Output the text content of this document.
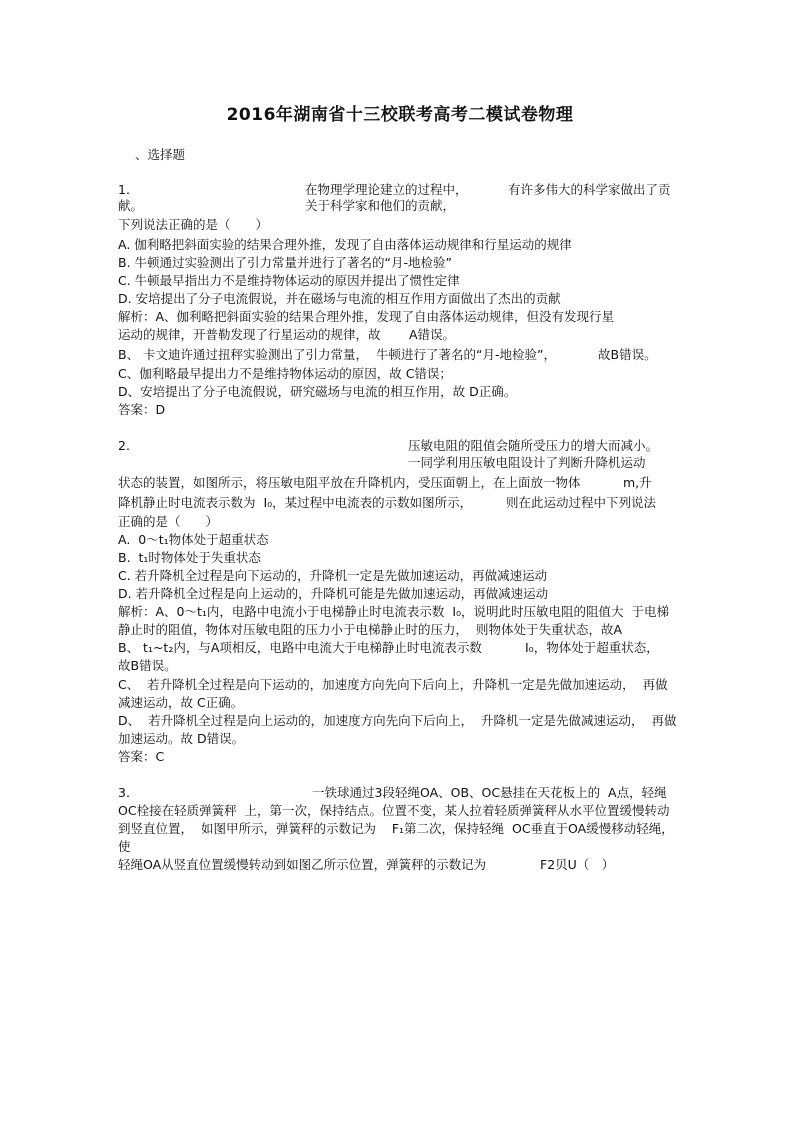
2016年湖南省十三校联考高考二模试卷物理
、选择题
1.	在物理学理论建立的过程中，	有许多伟大的科学家做出了贡
献。	关于科学家和他们的贡献，
下列说法正确的是（　　）
A. 伽利略把斜面实验的结果合理外推，发现了自由落体运动规律和行星运动的规律
B. 牛顿通过实验测出了引力常量并进行了著名的“月-地检验”
C. 牛顿最早指出力不是维持物体运动的原因并提出了惯性定律
D. 安培提出了分子电流假说，并在磁场与电流的相互作用方面做出了杰出的贡献
解析：A、伽利略把斜面实验的结果合理外推，发现了自由落体运动规律，但没有发现行星
运动的规律，开普勒发现了行星运动的规律，故 A错误。
B、 卡文迪许通过扭秤实验测出了引力常量， 牛顿进行了著名的“月-地检验”，	故B错误。
C、伽利略最早提出力不是维持物体运动的原因，故 C错误；
D、安培提出了分子电流假说，研究磁场与电流的相互作用，故 D正确。
答案：D
2.	压敏电阻的阻值会随所受压力的增大而减小。
一同学利用压敏电阻设计了判断升降机运动
状态的装置，如图所示，将压敏电阻平放在升降机内，受压面朝上，在上面放一物体	m,升
降机静止时电流表示数为  I₀，某过程中电流表的示数如图所示，	则在此运动过程中下列说法
正确的是（　　）
A.  0〜t₁物体处于超重状态
B.  t₁时物体处于失重状态
C. 若升降机全过程是向下运动的，升降机一定是先做加速运动，再做减速运动
D. 若升降机全过程是向上运动的，升降机可能是先做加速运动，再做减速运动
解析：A、0〜t₁内，电路中电流小于电梯静止时电流表示数  I₀，说明此时压敏电阻的阻值大  于电梯
静止时的阻值，物体对压敏电阻的压力小于电梯静止时的压力，  则物体处于失重状态，故A
B、 t₁~t₂内，与A项相反，电路中电流大于电梯静止时电流表示数	I₀，物体处于超重状态，
故B错误。
C、  若升降机全过程是向下运动的，加速度方向先向下后向上，升降机一定是先做加速运动，  再做
减速运动，故 C正确。
D、  若升降机全过程是向上运动的，加速度方向先向下后向上，  升降机一定是先做减速运动，  再做
加速运动。故 D错误。
答案：C
3.	一铁球通过3段轻绳OA、OB、OC悬挂在天花板上的  A点，轻绳
OC栓接在轻质弹簧秤  上，第一次，保持结点。位置不变，某人拉着轻质弹簧秤从水平位置缓慢转动
到竖直位置，  如图甲所示，弹簧秤的示数记为    F₁第二次，保持轻绳  OC垂直于OA缓慢移动轻绳，
使
轻绳OA从竖直位置缓慢转动到如图乙所示位置，弹簧秤的示数记为	F2贝U（　）
